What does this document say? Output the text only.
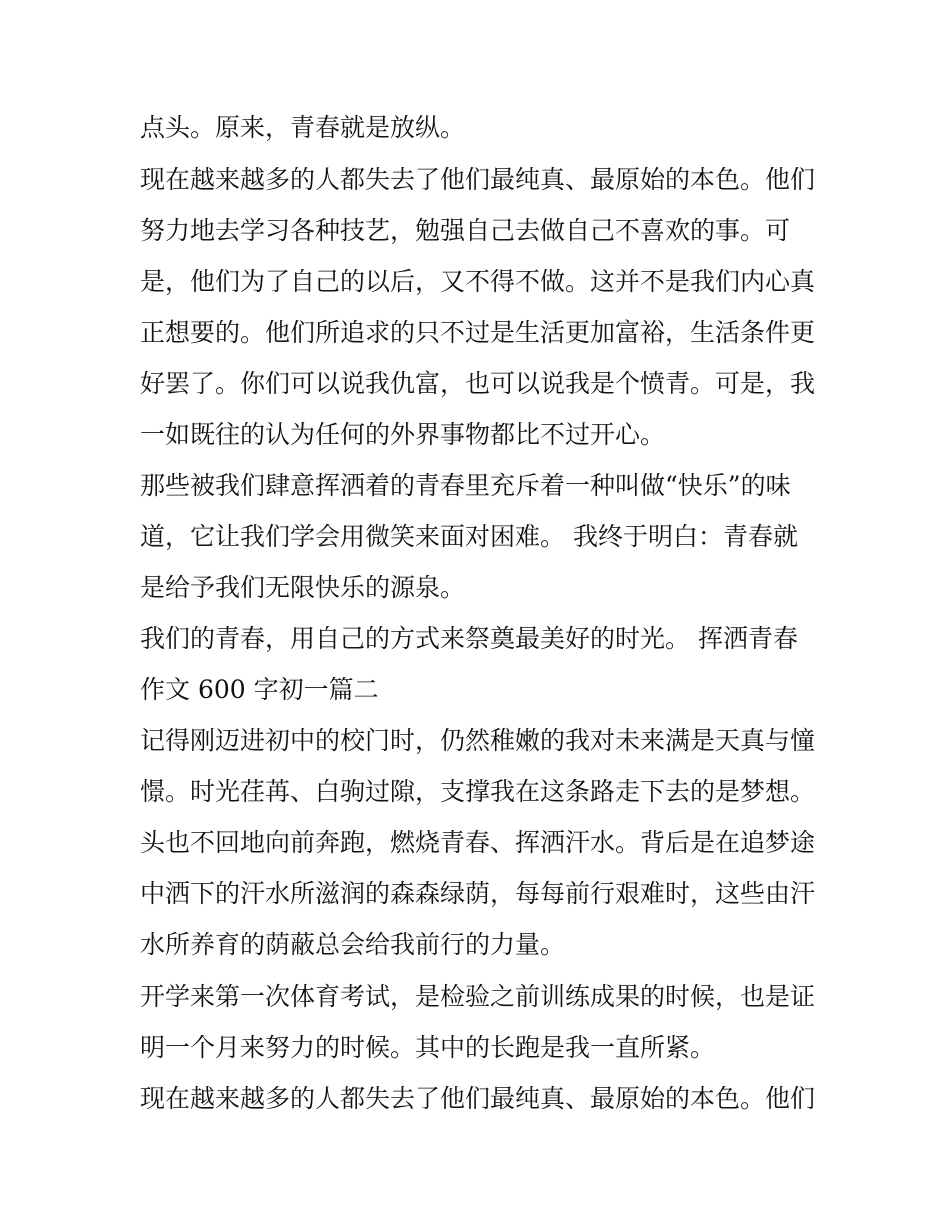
点头。原来，青春就是放纵。
现在越来越多的人都失去了他们最纯真、最原始的本色。他们
努力地去学习各种技艺，勉强自己去做自己不喜欢的事。可
是，他们为了自己的以后，又不得不做。这并不是我们内心真
正想要的。他们所追求的只不过是生活更加富裕，生活条件更
好罢了。你们可以说我仇富，也可以说我是个愤青。可是，我
一如既往的认为任何的外界事物都比不过开心。
那些被我们肆意挥洒着的青春里充斥着一种叫做“快乐”的味
道，它让我们学会用微笑来面对困难。 我终于明白：青春就
是给予我们无限快乐的源泉。
我们的青春，用自己的方式来祭奠最美好的时光。 挥洒青春
作文 600 字初一篇二
记得刚迈进初中的校门时，仍然稚嫩的我对未来满是天真与憧
憬。时光荏苒、白驹过隙，支撑我在这条路走下去的是梦想。
头也不回地向前奔跑，燃烧青春、挥洒汗水。背后是在追梦途
中洒下的汗水所滋润的森森绿荫，每每前行艰难时，这些由汗
水所养育的荫蔽总会给我前行的力量。
开学来第一次体育考试，是检验之前训练成果的时候，也是证
明一个月来努力的时候。其中的长跑是我一直所紧。
现在越来越多的人都失去了他们最纯真、最原始的本色。他们
